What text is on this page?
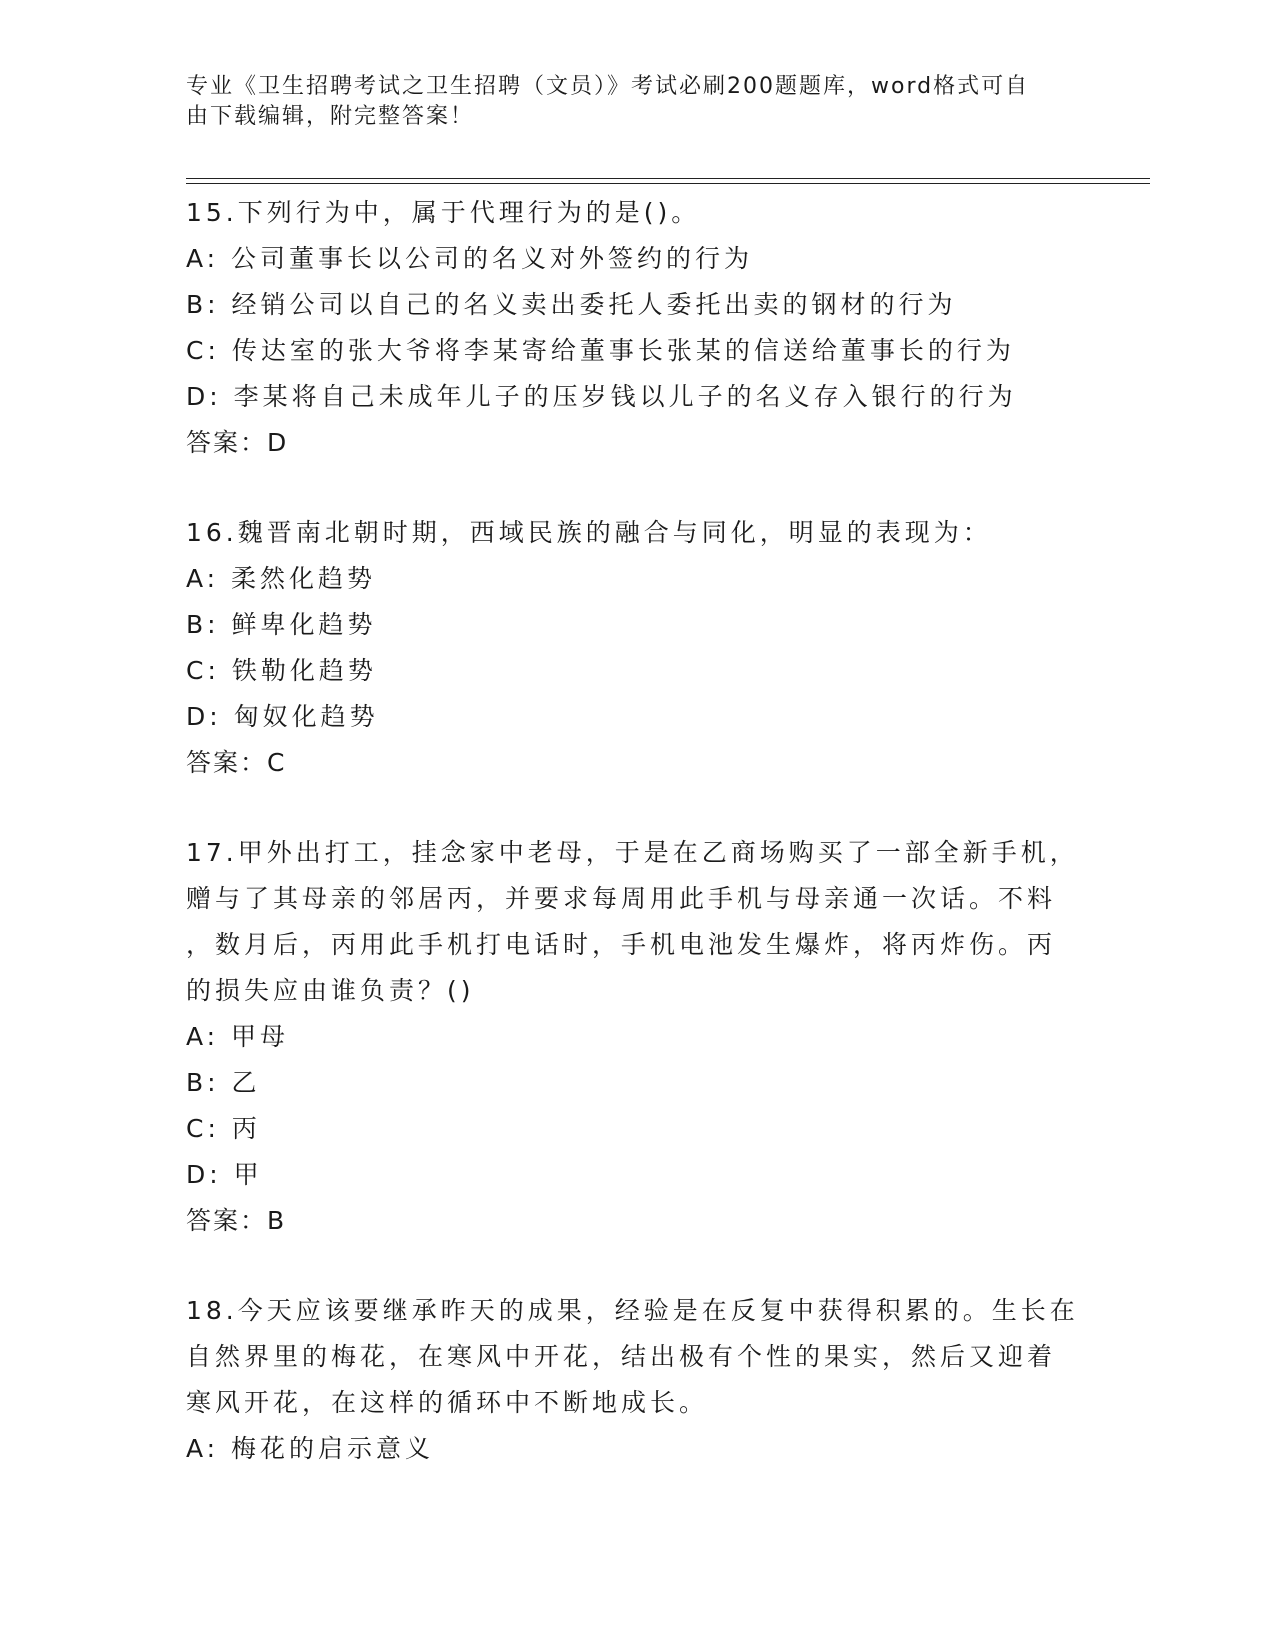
专业《卫生招聘考试之卫生招聘（文员）》考试必刷200题题库，word格式可自
由下载编辑，附完整答案！
15.下列行为中，属于代理行为的是()。
A: 公司董事长以公司的名义对外签约的行为
B: 经销公司以自己的名义卖出委托人委托出卖的钢材的行为
C: 传达室的张大爷将李某寄给董事长张某的信送给董事长的行为
D: 李某将自己未成年儿子的压岁钱以儿子的名义存入银行的行为
答案：D
16.魏晋南北朝时期，西域民族的融合与同化，明显的表现为：
A: 柔然化趋势
B: 鲜卑化趋势
C: 铁勒化趋势
D: 匈奴化趋势
答案：C
17.甲外出打工，挂念家中老母，于是在乙商场购买了一部全新手机，
赠与了其母亲的邻居丙，并要求每周用此手机与母亲通一次话。不料
，数月后，丙用此手机打电话时，手机电池发生爆炸，将丙炸伤。丙
的损失应由谁负责？()
A: 甲母
B: 乙
C: 丙
D: 甲
答案：B
18.今天应该要继承昨天的成果，经验是在反复中获得积累的。生长在
自然界里的梅花，在寒风中开花，结出极有个性的果实，然后又迎着
寒风开花，在这样的循环中不断地成长。
A: 梅花的启示意义
